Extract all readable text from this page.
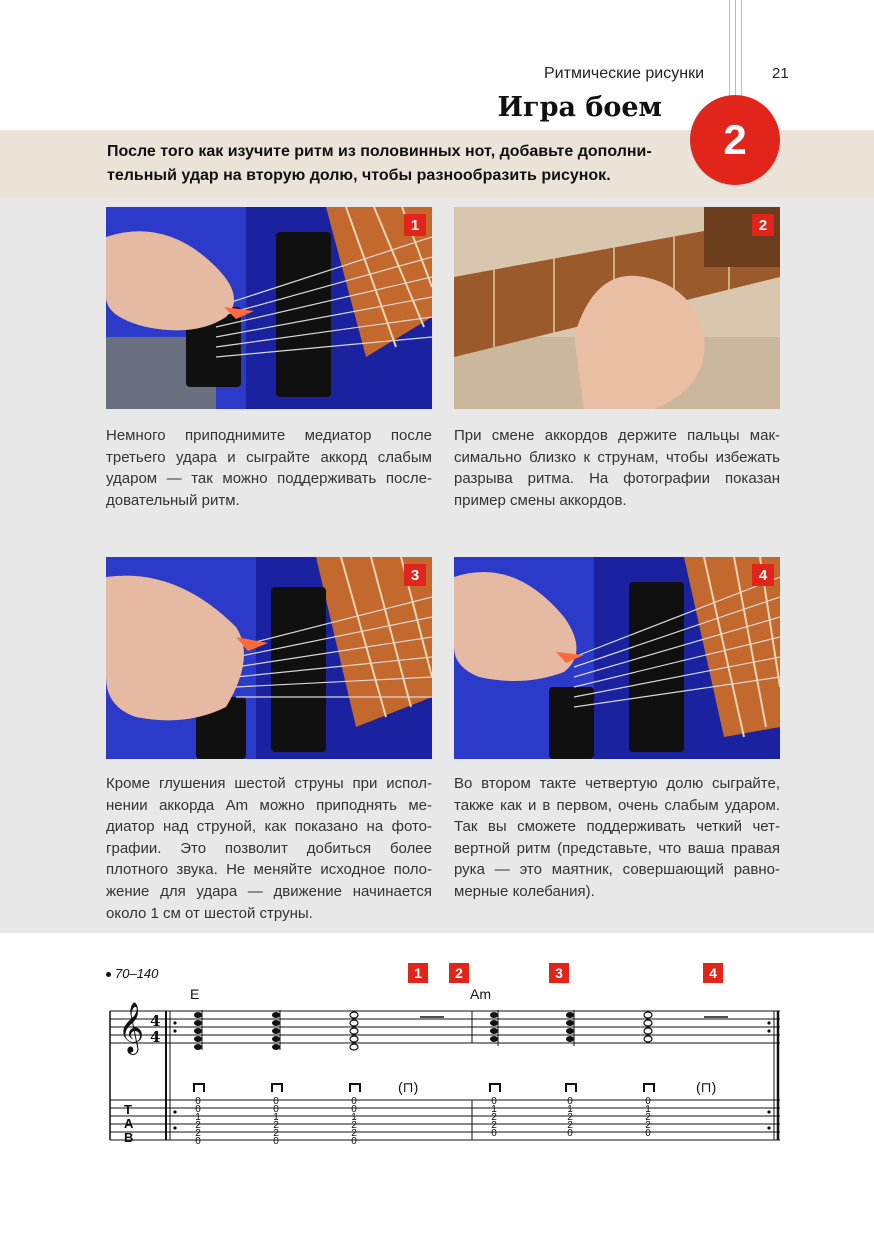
Ритмические рисунки	21
Игра боем
После того как изучите ритм из половинных нот, добавьте дополни-
тельный удар на вторую долю, чтобы разнообразить рисунок.
2
1
Немного приподнимите медиатор после третьего удара и сыграйте аккорд слабым ударом — так можно поддерживать после-довательный ритм.
2
При смене аккордов держите пальцы мак-симально близко к струнам, чтобы избежать разрыва ритма. На фотографии показан пример смены аккордов.
3
Кроме глушения шестой струны при испол-нении аккорда Am можно приподнять ме-диатор над струной, как показано на фото-графии. Это позволит добиться более плотного звука. Не меняйте исходное поло-жение для удара — движение начинается около 1 см от шестой струны.
4
Во втором такте четвертую долю сыграйте, также как и в первом, очень слабым ударом. Так вы сможете поддерживать четкий чет-вертной ритм (представьте, что ваша правая рука — это маятник, совершающий равно-мерные колебания).
70–140	1	2	3	4
E	Am
𝄞 4
4
T
A
B
(⊓)	(⊓)
0
0
1
2
2
0
0
0
1
2
2
0
0
0
1
2
2
0
0
1
2
2
0
0
1
2
2
0
0
1
2
2
0
